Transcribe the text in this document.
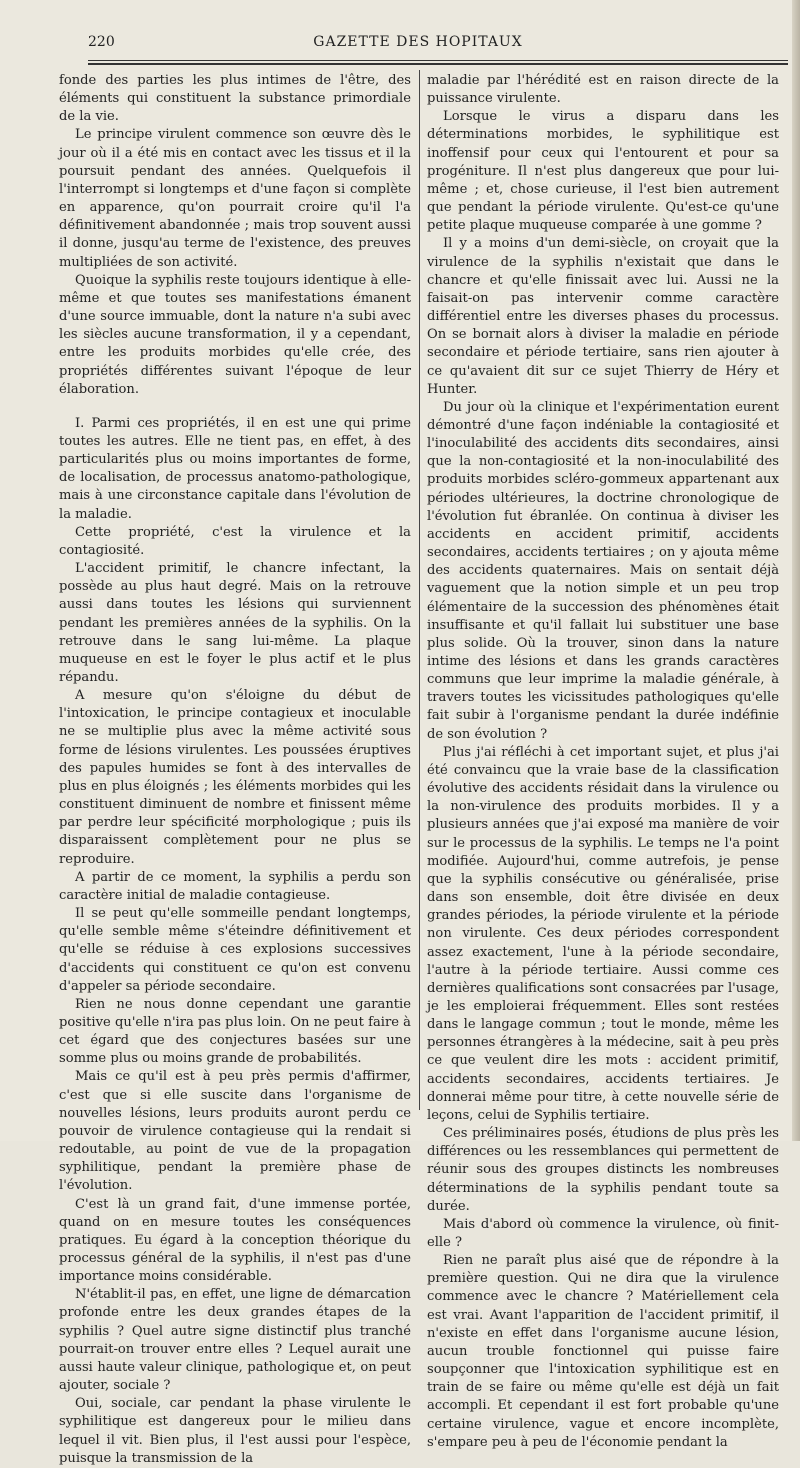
220	GAZETTE DES HOPITAUX

fonde des parties les plus intimes de l'être, des éléments qui constituent la substance primordiale de la vie.

Le principe virulent commence son œuvre dès le jour où il a été mis en contact avec les tissus et il la poursuit pendant des années. Quelquefois il l'interrompt si longtemps et d'une façon si complète en apparence, qu'on pourrait croire qu'il l'a définitivement abandonnée ; mais trop souvent aussi il donne, jusqu'au terme de l'existence, des preuves multipliées de son activité.

Quoique la syphilis reste toujours identique à elle-même et que toutes ses manifestations émanent d'une source immuable, dont la nature n'a subi avec les siècles aucune transformation, il y a cependant, entre les produits morbides qu'elle crée, des propriétés différentes suivant l'époque de leur élaboration.

I. Parmi ces propriétés, il en est une qui prime toutes les autres. Elle ne tient pas, en effet, à des particularités plus ou moins importantes de forme, de localisation, de processus anatomo-pathologique, mais à une circonstance capitale dans l'évolution de la maladie.

Cette propriété, c'est la virulence et la contagiosité.

L'accident primitif, le chancre infectant, la possède au plus haut degré. Mais on la retrouve aussi dans toutes les lésions qui surviennent pendant les premières années de la syphilis. On la retrouve dans le sang lui-même. La plaque muqueuse en est le foyer le plus actif et le plus répandu.

A mesure qu'on s'éloigne du début de l'intoxication, le principe contagieux et inoculable ne se multiplie plus avec la même activité sous forme de lésions virulentes. Les poussées éruptives des papules humides se font à des intervalles de plus en plus éloignés ; les éléments morbides qui les constituent diminuent de nombre et finissent même par perdre leur spécificité morphologique ; puis ils disparaissent complètement pour ne plus se reproduire.

A partir de ce moment, la syphilis a perdu son caractère initial de maladie contagieuse.

Il se peut qu'elle sommeille pendant longtemps, qu'elle semble même s'éteindre définitivement et qu'elle se réduise à ces explosions successives d'accidents qui constituent ce qu'on est convenu d'appeler sa période secondaire.

Rien ne nous donne cependant une garantie positive qu'elle n'ira pas plus loin. On ne peut faire à cet égard que des conjectures basées sur une somme plus ou moins grande de probabilités.

Mais ce qu'il est à peu près permis d'affirmer, c'est que si elle suscite dans l'organisme de nouvelles lésions, leurs produits auront perdu ce pouvoir de virulence contagieuse qui la rendait si redoutable, au point de vue de la propagation syphilitique, pendant la première phase de l'évolution.

C'est là un grand fait, d'une immense portée, quand on en mesure toutes les conséquences pratiques. Eu égard à la conception théorique du processus général de la syphilis, il n'est pas d'une importance moins considérable.

N'établit-il pas, en effet, une ligne de démarcation profonde entre les deux grandes étapes de la syphilis ? Quel autre signe distinctif plus tranché pourrait-on trouver entre elles ? Lequel aurait une aussi haute valeur clinique, pathologique et, on peut ajouter, sociale ?

Oui, sociale, car pendant la phase virulente le syphilitique est dangereux pour le milieu dans lequel il vit. Bien plus, il l'est aussi pour l'espèce, puisque la transmission de la

maladie par l'hérédité est en raison directe de la puissance virulente.

Lorsque le virus a disparu dans les déterminations morbides, le syphilitique est inoffensif pour ceux qui l'entourent et pour sa progéniture. Il n'est plus dangereux que pour lui-même ; et, chose curieuse, il l'est bien autrement que pendant la période virulente. Qu'est-ce qu'une petite plaque muqueuse comparée à une gomme ?

Il y a moins d'un demi-siècle, on croyait que la virulence de la syphilis n'existait que dans le chancre et qu'elle finissait avec lui. Aussi ne la faisait-on pas intervenir comme caractère différentiel entre les diverses phases du processus. On se bornait alors à diviser la maladie en période secondaire et période tertiaire, sans rien ajouter à ce qu'avaient dit sur ce sujet Thierry de Héry et Hunter.

Du jour où la clinique et l'expérimentation eurent démontré d'une façon indéniable la contagiosité et l'inoculabilité des accidents dits secondaires, ainsi que la non-contagiosité et la non-inoculabilité des produits morbides scléro-gommeux appartenant aux périodes ultérieures, la doctrine chronologique de l'évolution fut ébranlée. On continua à diviser les accidents en accident primitif, accidents secondaires, accidents tertiaires ; on y ajouta même des accidents quaternaires. Mais on sentait déjà vaguement que la notion simple et un peu trop élémentaire de la succession des phénomènes était insuffisante et qu'il fallait lui substituer une base plus solide. Où la trouver, sinon dans la nature intime des lésions et dans les grands caractères communs que leur imprime la maladie générale, à travers toutes les vicissitudes pathologiques qu'elle fait subir à l'organisme pendant la durée indéfinie de son évolution ?

Plus j'ai réfléchi à cet important sujet, et plus j'ai été convaincu que la vraie base de la classification évolutive des accidents résidait dans la virulence ou la non-virulence des produits morbides. Il y a plusieurs années que j'ai exposé ma manière de voir sur le processus de la syphilis. Le temps ne l'a point modifiée. Aujourd'hui, comme autrefois, je pense que la syphilis consécutive ou généralisée, prise dans son ensemble, doit être divisée en deux grandes périodes, la période virulente et la période non virulente. Ces deux périodes correspondent assez exactement, l'une à la période secondaire, l'autre à la période tertiaire. Aussi comme ces dernières qualifications sont consacrées par l'usage, je les emploierai fréquemment. Elles sont restées dans le langage commun ; tout le monde, même les personnes étrangères à la médecine, sait à peu près ce que veulent dire les mots : accident primitif, accidents secondaires, accidents tertiaires. Je donnerai même pour titre, à cette nouvelle série de leçons, celui de Syphilis tertiaire.

Ces préliminaires posés, étudions de plus près les différences ou les ressemblances qui permettent de réunir sous des groupes distincts les nombreuses déterminations de la syphilis pendant toute sa durée.

Mais d'abord où commence la virulence, où finit-elle ?

Rien ne paraît plus aisé que de répondre à la première question. Qui ne dira que la virulence commence avec le chancre ? Matériellement cela est vrai. Avant l'apparition de l'accident primitif, il n'existe en effet dans l'organisme aucune lésion, aucun trouble fonctionnel qui puisse faire soupçonner que l'intoxication syphilitique est en train de se faire ou même qu'elle est déjà un fait accompli. Et cependant il est fort probable qu'une certaine virulence, vague et encore incomplète, s'empare peu à peu de l'économie pendant la
